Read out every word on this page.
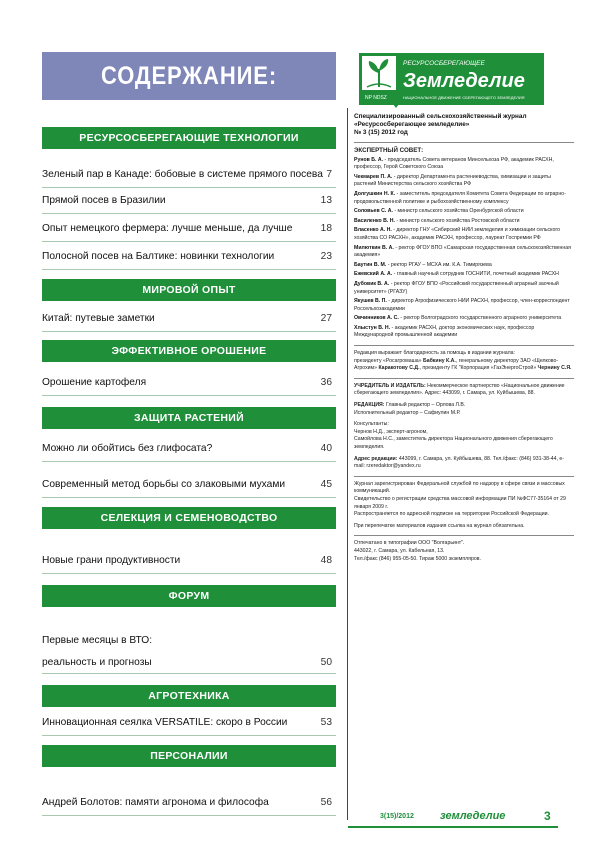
СОДЕРЖАНИЕ:
РЕСУРСОСБЕРЕГАЮЩИЕ ТЕХНОЛОГИИ
Зеленый пар в Канаде: бобовые в системе прямого посева 7
Прямой посев в Бразилии	13
Опыт немецкого фермера: лучше меньше, да лучше	18
Полосной посев на Балтике: новинки технологии	23
МИРОВОЙ ОПЫТ
Китай: путевые заметки	27
ЭФФЕКТИВНОЕ ОРОШЕНИЕ
Орошение картофеля	36
ЗАЩИТА РАСТЕНИЙ
Можно ли обойтись без глифосата?	40
Современный метод борьбы со злаковыми мухами	45
СЕЛЕКЦИЯ И СЕМЕНОВОДСТВО
Новые грани продуктивности	48
ФОРУМ
Первые месяцы в ВТО:
реальность и прогнозы	50
АГРОТЕХНИКА
Инновационная сеялка VERSATILE: скоро в России	53
ПЕРСОНАЛИИ
Андрей Болотов: памяти агронома и философа	56
NP NDSZ
РЕСУРСОСБЕРЕГАЮЩЕЕ
Земледелие
НАЦИОНАЛЬНОЕ ДВИЖЕНИЕ СБЕРЕГАЮЩЕГО ЗЕМЛЕДЕЛИЯ

Специализированный сельскохозяйственный журнал

«Ресурсосберегающее земледелие»

№ 3 (15) 2012 год

ЭКСПЕРТНЫЙ СОВЕТ:

Рунов Б. А. - председатель Совета ветеранов Минсельхоза РФ, академик РАСХН, профессор, Герой Советского Союза

Чекмарев П. А. - директор Департамента растениеводства, химизации и защиты растений Министерства сельского хозяйства РФ

Долгушкин Н. К. - заместитель председателя Комитета Совета Федерации по аграрно-продовольственной политике и рыбохозяйственному комплексу

Соловьев С. А. - министр сельского хозяйства Оренбургской области

Василенко В. Н. - министр сельского хозяйства Ростовской области

Власенко А. Н. - директор ГНУ «Сибирский НИИ земледелия и химизации сельского хозяйства СО РАСХН», академик РАСХН, профессор, лауреат Госпремии РФ

Милюткин В. А. - ректор ФГОУ ВПО «Самарская государственная сельскохозяйственная академия»

Баутин В. М. - ректор РГАУ – МСХА им. К.А. Тимирязева

Ежевский А. А. - главный научный сотрудник ГОСНИТИ, почетный академик РАСХН

Дубовик В. А. - ректор ФГОУ ВПО «Российский государственный аграрный заочный университет» (РГАЗУ)

Якушев В. П. - директор Агрофизического НИИ РАСХН, профессор, член-корреспондент Россельхозакадемии

Овчинников А. С. - ректор Волгоградского государственного аграрного университета

Хлыстун В. Н. - академик РАСХН, доктор экономических наук, профессор Международной промышленной академии

Редакция выражает благодарность за помощь в издании журнала:

президенту «Росагромаша» Бабкину К.А., генеральному директору ЗАО «Щелково-Агрохим» Каракотову С.Д., президенту ГК "Корпорация «ГазЭнергоСтрой» Чернину С.Я.

УЧРЕДИТЕЛЬ И ИЗДАТЕЛЬ: Некоммерческое партнерство «Национальное движение сберегающего земледелия». Адрес: 443099, г. Самара, ул. Куйбышева, 88.

РЕДАКЦИЯ: Главный редактор – Орлова Л.В.

Исполнительный редактор – Сафиулин М.Р.

Консультанты:

Чернов Н.Д., эксперт-агроном,

Самойлова Н.С., заместитель директора Национального движения сберегающего земледелия.

Адрес редакции: 443099, г. Самара, ул. Куйбышева, 88. Тел./факс: (846) 931-38-44, e-mail: rzeredaktor@yandex.ru

Журнал зарегистрирован Федеральной службой по надзору в сфере связи и массовых коммуникаций.

Свидетельство о регистрации средства массовой информации ПИ №ФС77-35164 от 29 января 2009 г.

Распространяется по адресной подписке на территории Российской Федерации.

При перепечатке материалов издания ссылка на журнал обязательна.

Отпечатано в типографии ООО "Волгарьинт".

443022, г. Самара, ул. Кабельная, 13.

Тел./факс (846) 955-05-50. Тираж 5000 экземпляров.

3(15)/2012 земледелие	3
